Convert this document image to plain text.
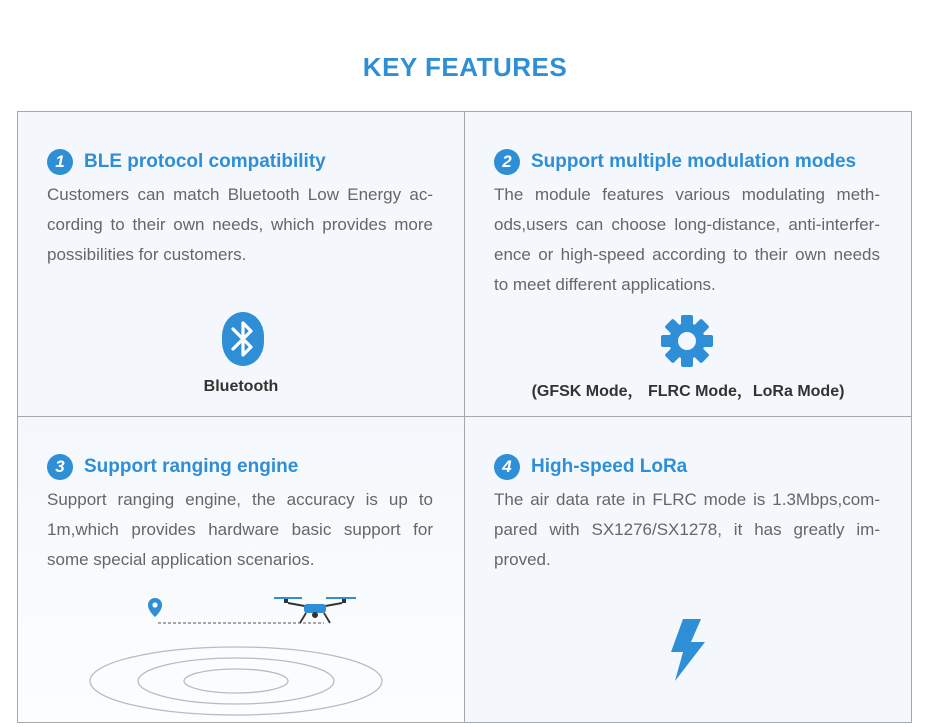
KEY FEATURES
1	BLE protocol compatibility
Customers can match Bluetooth Low Energy ac-cording to their own needs, which provides more possibilities for customers.
Bluetooth
2	Support multiple modulation modes
The module features various modulating meth-ods,users can choose long-distance, anti-interfer-ence or high-speed according to their own needs to meet different applications.
(GFSK Mode， FLRC Mode，LoRa Mode)
3	Support ranging engine
Support ranging engine, the accuracy is up to 1m,which provides hardware basic support for some special application scenarios.
4	High-speed LoRa
The air data rate in FLRC mode is 1.3Mbps,com-pared with SX1276/SX1278, it has greatly im-proved.
